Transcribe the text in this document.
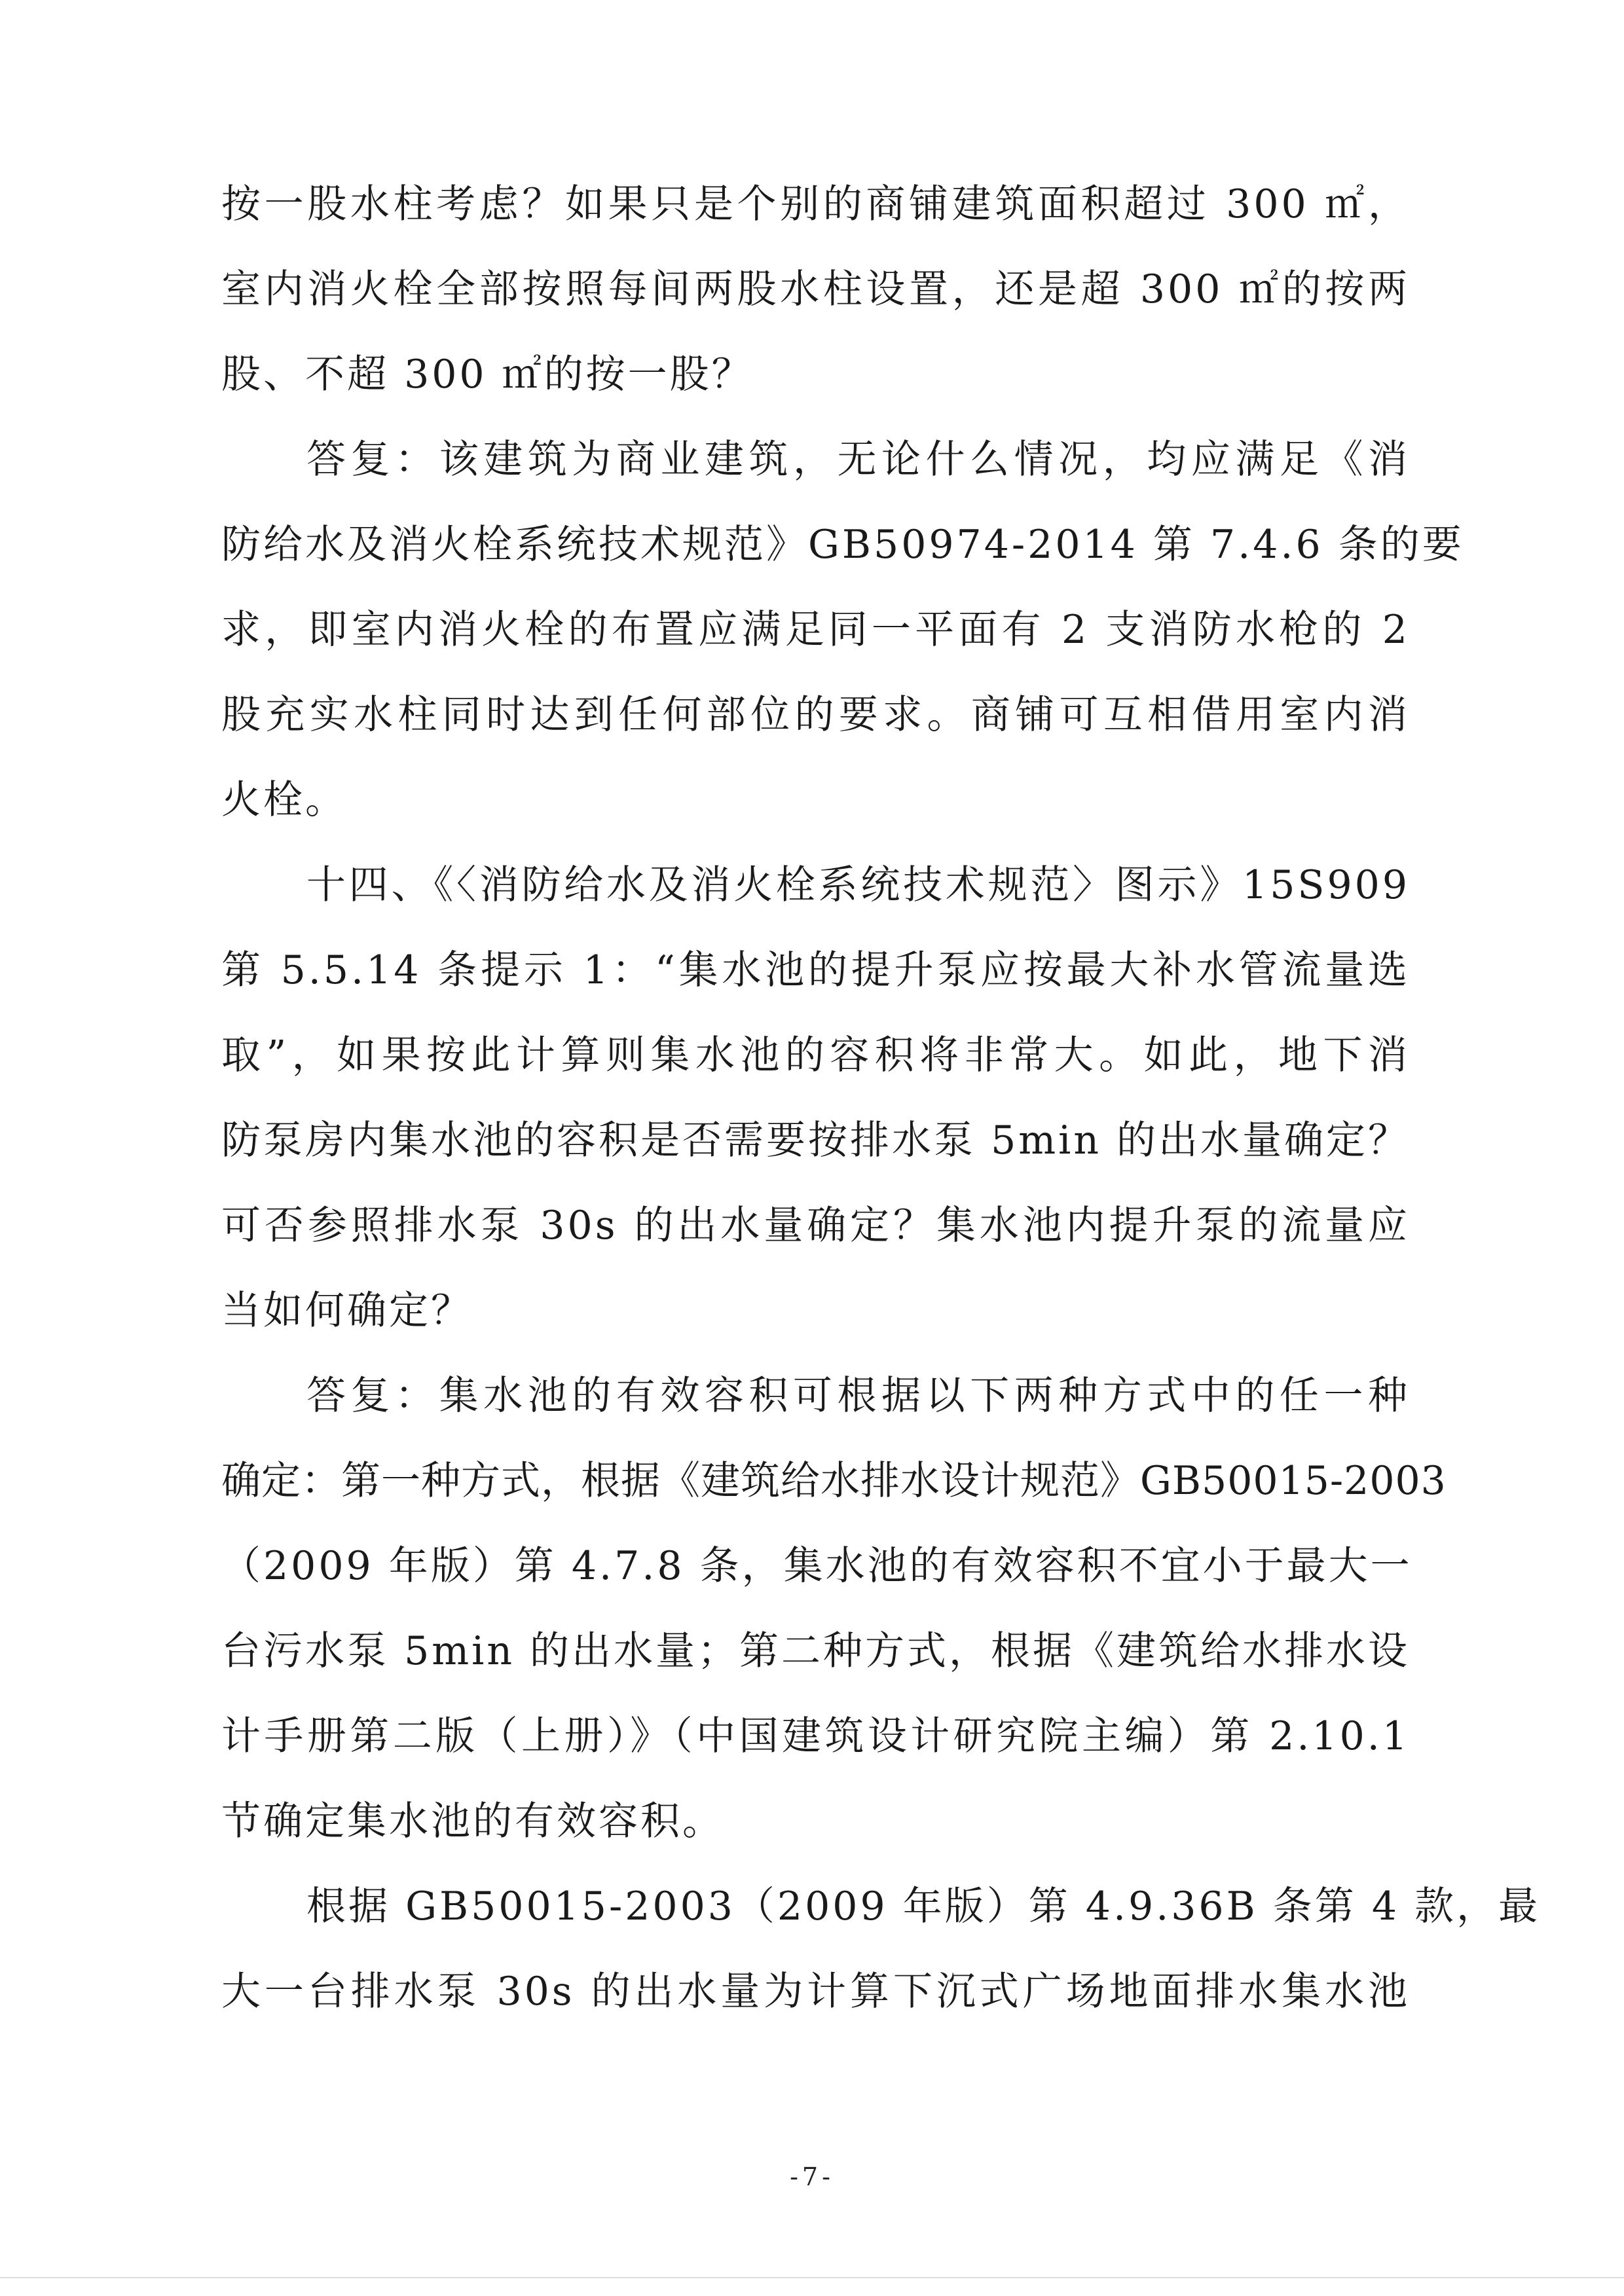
按一股水柱考虑？如果只是个别的商铺建筑面积超过 300 ㎡，
室内消火栓全部按照每间两股水柱设置，还是超 300 ㎡的按两
股、不超 300 ㎡的按一股？
答复：该建筑为商业建筑，无论什么情况，均应满足《消
防给水及消火栓系统技术规范》GB50974-2014 第 7.4.6 条的要
求，即室内消火栓的布置应满足同一平面有 2 支消防水枪的 2
股充实水柱同时达到任何部位的要求。商铺可互相借用室内消
火栓。
十四、《〈消防给水及消火栓系统技术规范〉图示》15S909
第 5.5.14 条提示 1：“集水池的提升泵应按最大补水管流量选
取”，如果按此计算则集水池的容积将非常大。如此，地下消
防泵房内集水池的容积是否需要按排水泵 5min 的出水量确定？
可否参照排水泵 30s 的出水量确定？集水池内提升泵的流量应
当如何确定？
答复：集水池的有效容积可根据以下两种方式中的任一种
确定：第一种方式，根据《建筑给水排水设计规范》GB50015-2003
（2009 年版）第 4.7.8 条，集水池的有效容积不宜小于最大一
台污水泵 5min 的出水量；第二种方式，根据《建筑给水排水设
计手册第二版（上册）》（中国建筑设计研究院主编）第 2.10.1
节确定集水池的有效容积。
根据 GB50015-2003（2009 年版）第 4.9.36B 条第 4 款，最
大一台排水泵 30s 的出水量为计算下沉式广场地面排水集水池
-7-
